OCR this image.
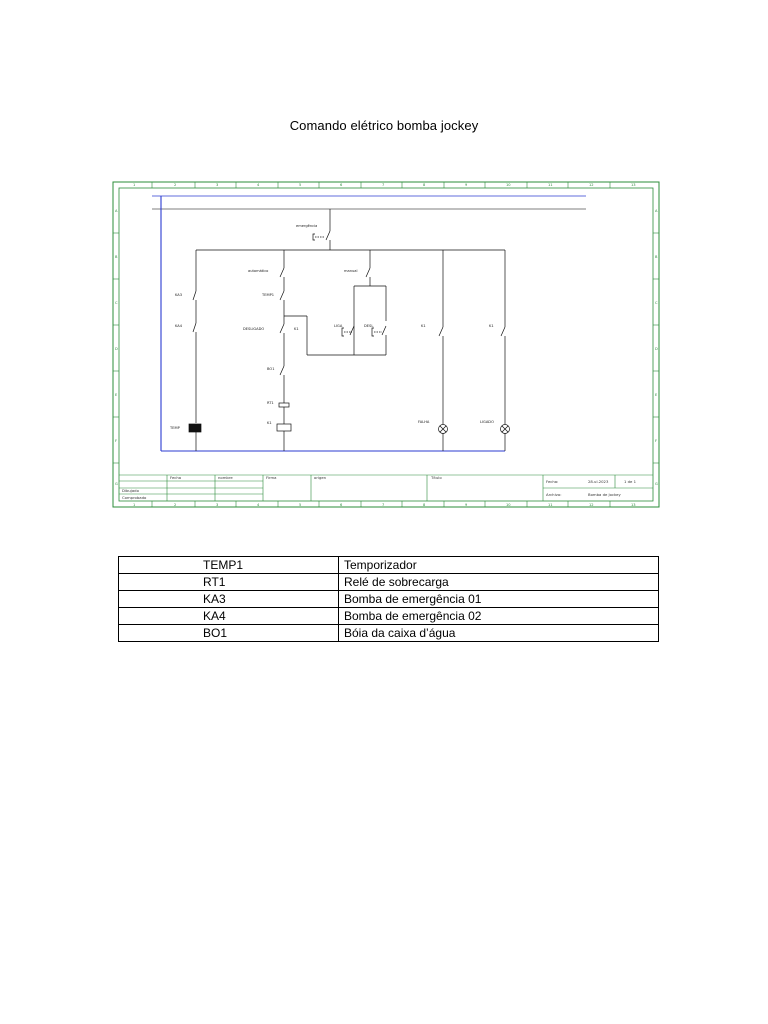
Comando elétrico bomba jockey
1
1
2
2
3
3
4
4
5
5
6
6
7
7
8
8
9
9
10
10
11
11
12
12
13
13
A	A
B	B
C	C
D	D
E	E
F	F
G	G
emergência
automático	manual
TEMP1
KA3
KA4
DESLIGADO	K1
LIGA	DESL	K1	K1
BO1
RT1
K1
TEMP
FALHA	LIGADO
Fecha	nombre	Firma	origen	Título
Dibujado
Comprobado
Fecha:	28.ul.2023	1 de 1
Archivo:	Bomba de Jockey
TEMP1	Temporizador
RT1	Relé de sobrecarga
KA3	Bomba de emergência 01
KA4	Bomba de emergência 02
BO1	Bóia da caixa d’água
